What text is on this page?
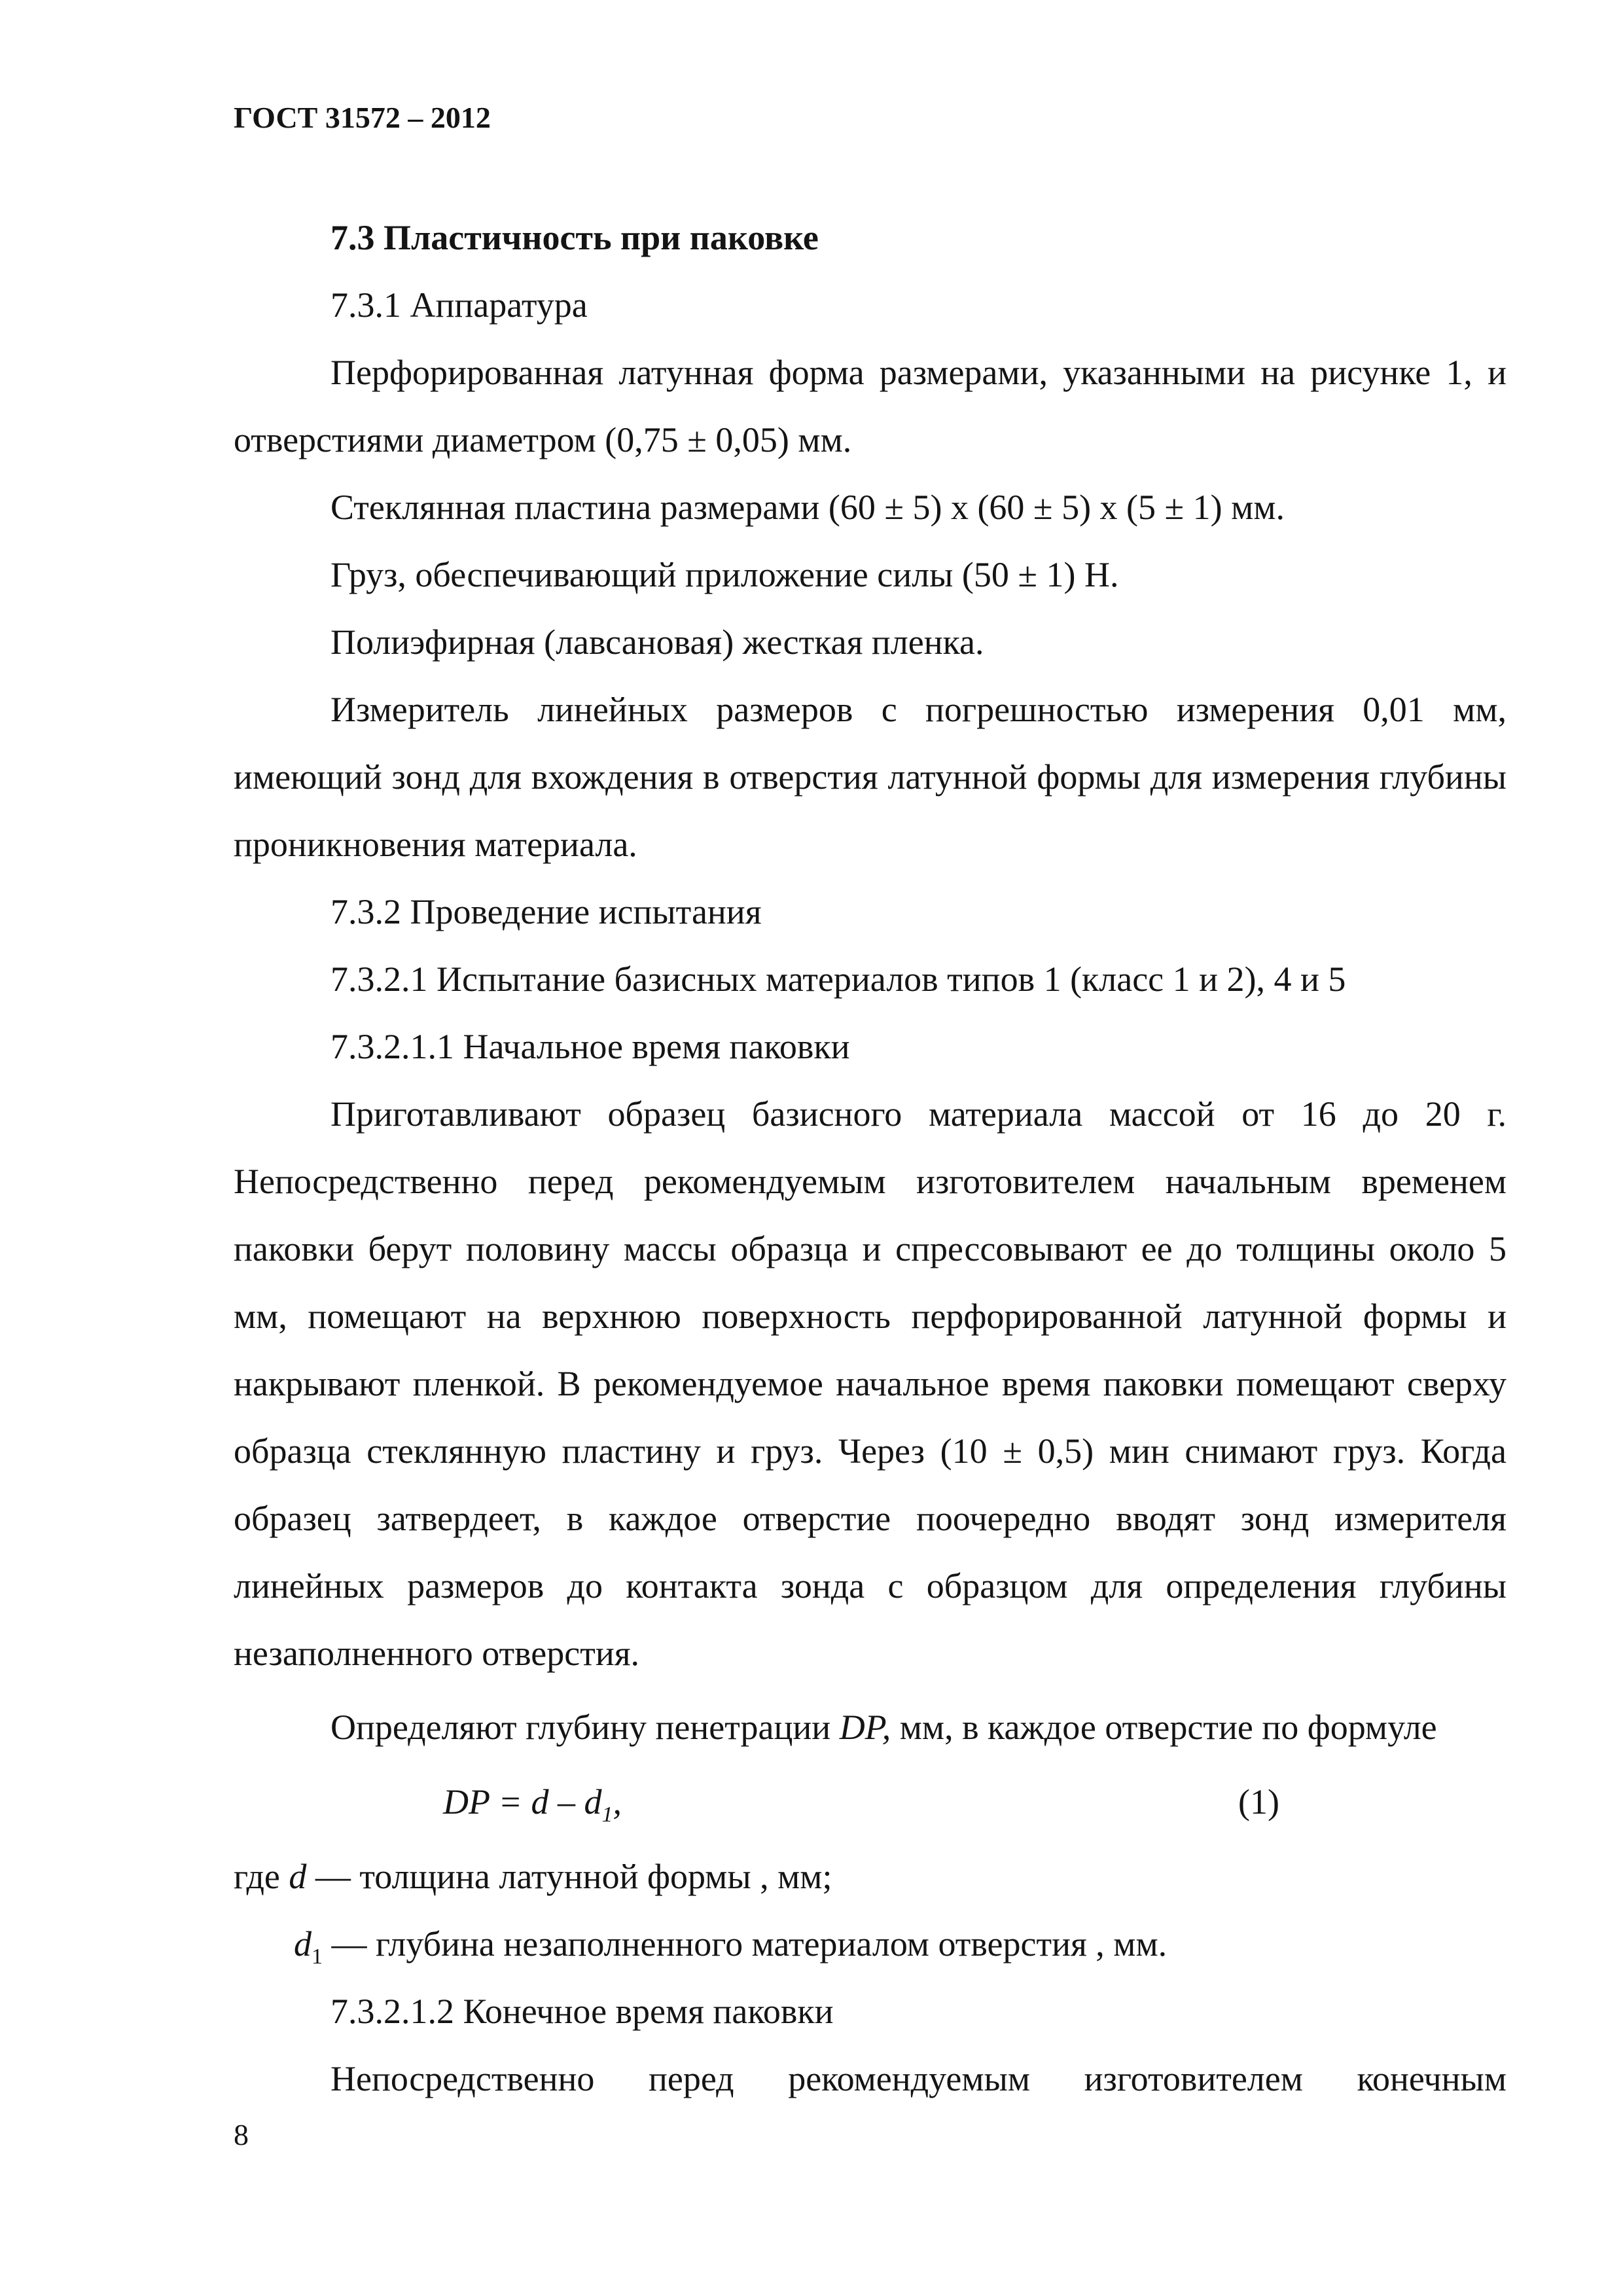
ГОСТ 31572 – 2012

7.3 Пластичность при паковке

7.3.1 Аппаратура

Перфорированная латунная форма размерами, указанными на рисунке 1, и отверстиями диаметром (0,75 ± 0,05) мм.

Стеклянная пластина размерами (60 ± 5) х (60 ± 5) х (5 ± 1) мм.

Груз, обеспечивающий приложение силы (50 ± 1) Н.

Полиэфирная (лавсановая) жесткая пленка.

Измеритель линейных размеров с погрешностью измерения 0,01 мм, имеющий зонд для вхождения в отверстия латунной формы для измерения глубины проникновения материала.

7.3.2 Проведение испытания

7.3.2.1 Испытание базисных материалов типов 1 (класс 1 и 2), 4 и 5

7.3.2.1.1 Начальное время паковки

Приготавливают образец базисного материала массой от 16 до 20 г. Непосредственно перед рекомендуемым изготовителем начальным временем паковки берут половину массы образца и спрессовывают ее до толщины около 5 мм, помещают на верхнюю поверхность перфорированной латунной формы и накрывают пленкой. В рекомендуемое начальное время паковки помещают сверху образца стеклянную пластину и груз. Через (10 ± 0,5) мин снимают груз. Когда образец затвердеет, в каждое отверстие поочередно вводят зонд измерителя линейных размеров до контакта зонда с образцом для определения глубины незаполненного отверстия.

Определяют глубину пенетрации DP, мм, в каждое отверстие по формуле

DP = d – $d_1$,	(1)

где d — толщина латунной формы , мм;

$d_1$ — глубина незаполненного материалом отверстия , мм.

7.3.2.1.2 Конечное время паковки

Непосредственно перед рекомендуемым изготовителем конечным

8
